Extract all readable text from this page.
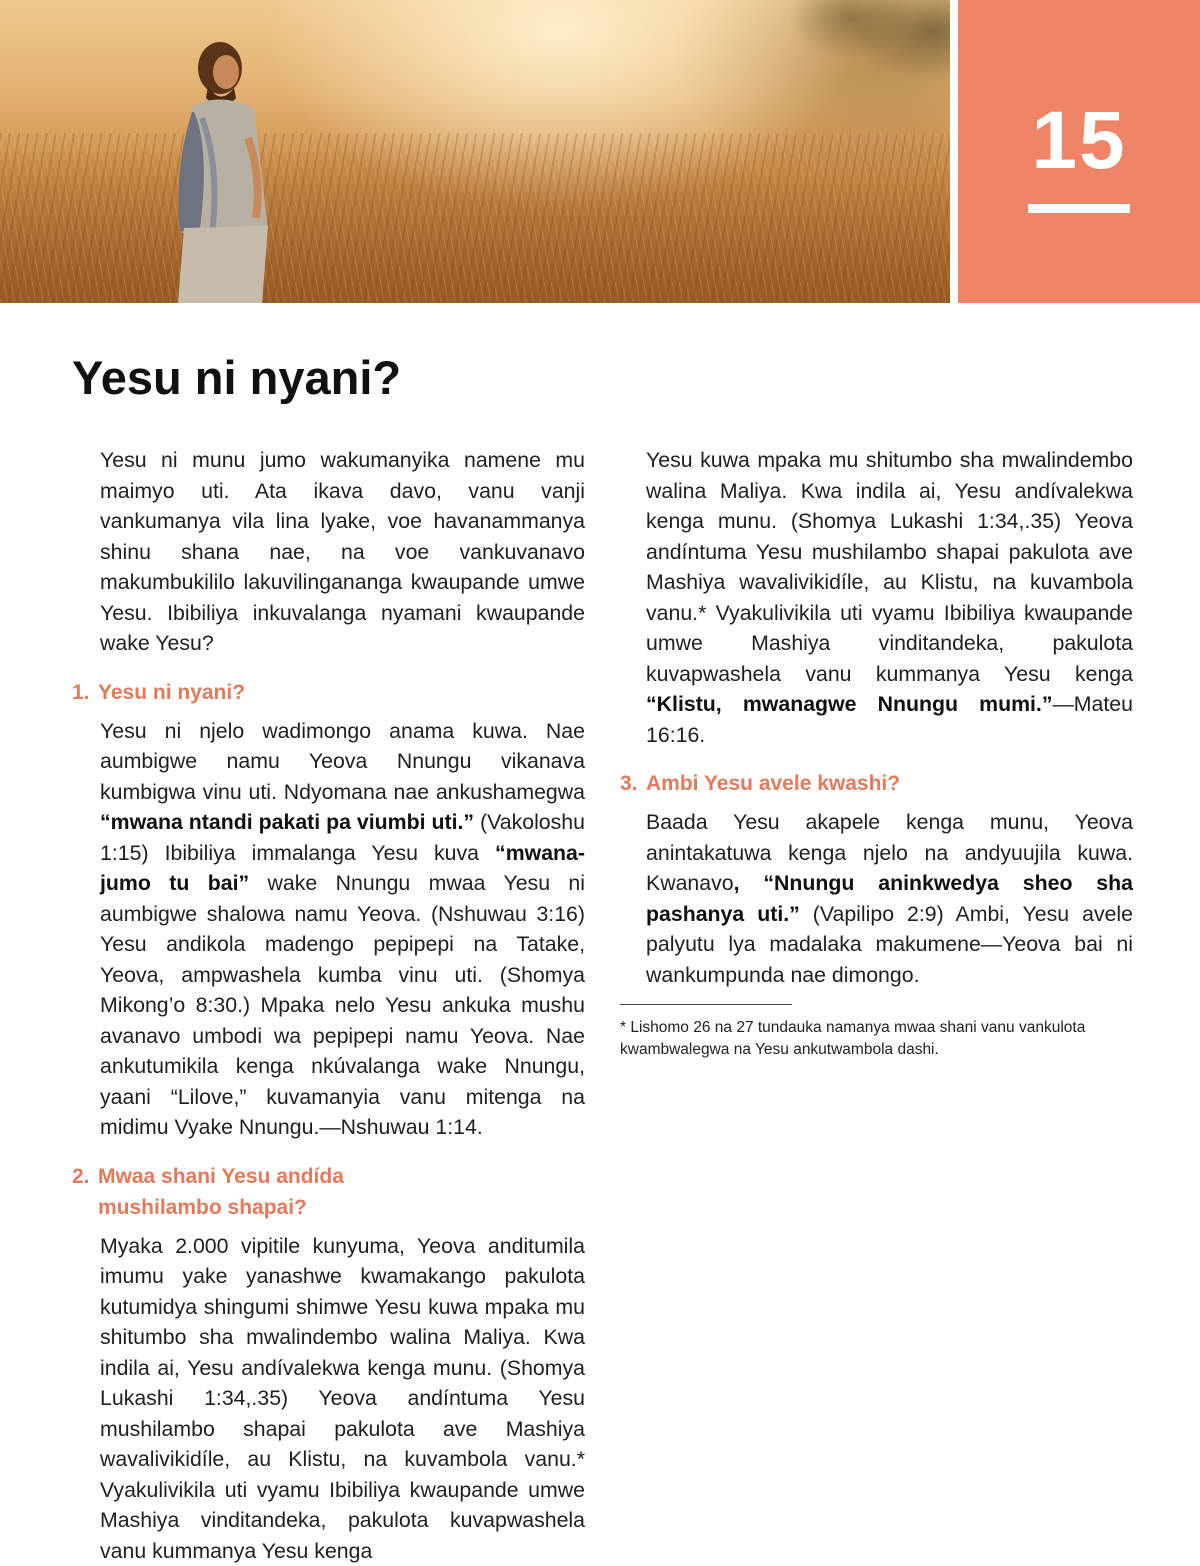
15
Yesu ni nyani?

Yesu ni munu jumo wakumanyika namene mu maimyo uti. Ata ikava davo, vanu vanji vankumanya vila lina lyake, voe havanammanya shinu shana nae, na voe vankuvanavo makumbukililo lakuvilingananga kwaupande umwe Yesu. Ibibiliya inkuvalanga nyamani kwaupande wake Yesu?

1. Yesu ni nyani?

Yesu ni njelo wadimongo anama kuwa. Nae aumbigwe namu Yeova Nnungu vikanava kumbigwa vinu uti. Ndyomana nae ankushamegwa “mwana ntandi pakati pa viumbi uti.” (Vakoloshu 1:15) Ibibiliya immalanga Yesu kuva “mwana-jumo tu bai” wake Nnungu mwaa Yesu ni aumbigwe shalowa namu Yeova. (Nshuwau 3:16) Yesu andikola madengo pepipepi na Tatake, Yeova, ampwashela kumba vinu uti. (Shomya Mikong’o 8:30.) Mpaka nelo Yesu ankuka mushu avanavo umbodi wa pepipepi namu Yeova. Nae ankutumikila kenga nkúvalanga wake Nnungu, yaani “Lilove,” kuvamanyia vanu mitenga na midimu Vyake Nnungu.—Nshuwau 1:14.

2. Mwaa shani Yesu andída
mushilambo shapai?

Myaka 2.000 vipitile kunyuma, Yeova anditumila imumu yake yanashwe kwamakango pakulota kutumidya shingumi shimwe Yesu kuwa mpaka mu shitumbo sha mwalindembo walina Maliya. Kwa indila ai, Yesu andívalekwa kenga munu. (Shomya Lukashi 1:34,.35) Yeova andíntuma Yesu mushilambo shapai pakulota ave Mashiya wavalivikidíle, au Klistu, na kuvambola vanu.* Vyakulivikila uti vyamu Ibibiliya kwaupande umwe Mashiya vinditandeka, pakulota kuvapwashela vanu kummanya Yesu kenga

Yesu kuwa mpaka mu shitumbo sha mwalindembo walina Maliya. Kwa indila ai, Yesu andívalekwa kenga munu. (Shomya Lukashi 1:34,.35) Yeova andíntuma Yesu mushilambo shapai pakulota ave Mashiya wavalivikidíle, au Klistu, na kuvambola vanu.* Vyakulivikila uti vyamu Ibibiliya kwaupande umwe Mashiya vinditandeka, pakulota kuvapwashela vanu kummanya Yesu kenga “Klistu, mwanagwe Nnungu mumi.”—Mateu 16:16.

3. Ambi Yesu avele kwashi?

Baada Yesu akapele kenga munu, Yeova anintakatuwa kenga njelo na andyuujila kuwa. Kwanavo, “Nnungu aninkwedya sheo sha pashanya uti.” (Vapilipo 2:9) Ambi, Yesu avele palyutu lya madalaka makumene—Yeova bai ni wankumpunda nae dimongo.

* Lishomo 26 na 27 tundauka namanya mwaa shani vanu vankulota kwambwalegwa na Yesu ankutwambola dashi.
